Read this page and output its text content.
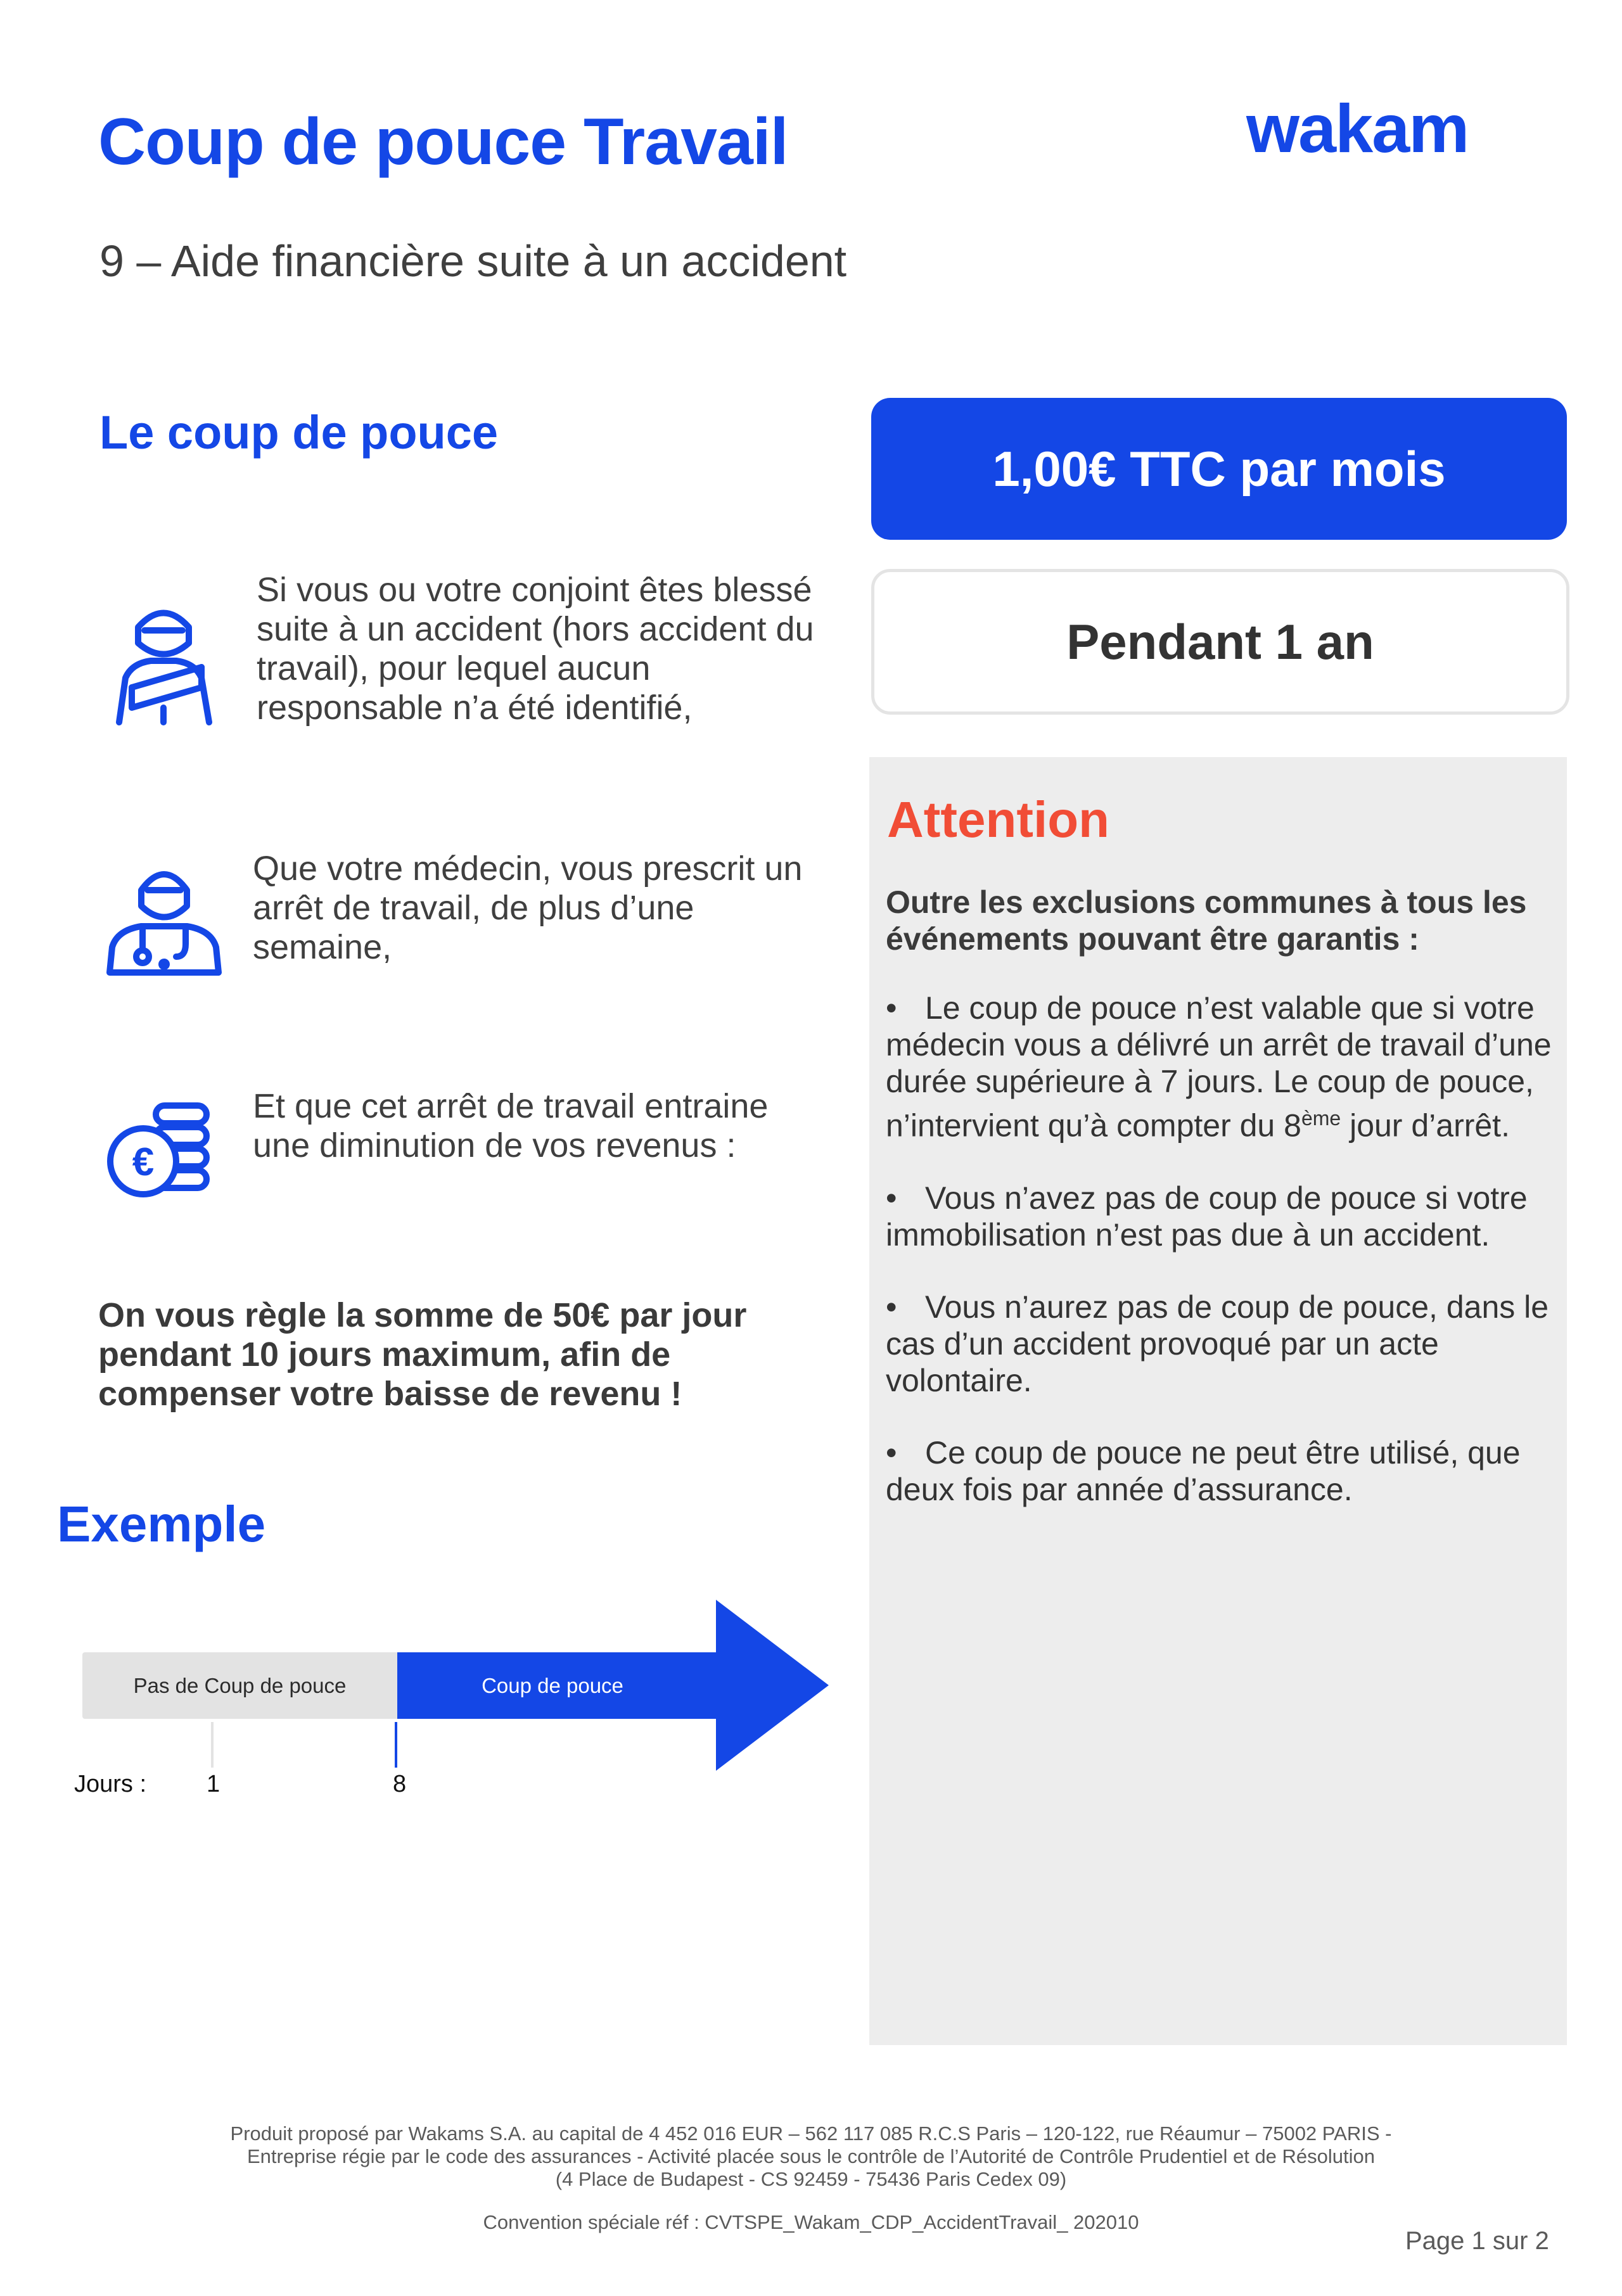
Coup de pouce Travail
9 – Aide financière suite à un accident
wakam
Le coup de pouce
Si vous ou votre conjoint êtes blessé suite à un accident (hors accident du travail), pour lequel aucun responsable n’a été identifié,
Que votre médecin, vous prescrit un arrêt de travail, de plus d’une semaine,
€
Et que cet arrêt de travail entraine une diminution de vos revenus :
On vous règle la somme de 50€ par jour pendant 10 jours maximum, afin de compenser votre baisse de revenu !
Exemple
Pas de Coup de pouce	Coup de pouce
Jours : 1	8
1,00€ TTC par mois
Pendant 1 an
Attention
Outre les exclusions communes à tous les événements pouvant être garantis :
• Le coup de pouce n’est valable que si votre médecin vous a délivré un arrêt de travail d’une durée supérieure à 7 jours. Le coup de pouce, n’intervient qu’à compter du 8ème jour d’arrêt.
• Vous n’avez pas de coup de pouce si votre immobilisation n’est pas due à un accident.
• Vous n’aurez pas de coup de pouce, dans le cas d’un accident provoqué par un acte volontaire.
• Ce coup de pouce ne peut être utilisé, que deux fois par année d’assurance.
Produit proposé par Wakams S.A. au capital de 4 452 016 EUR – 562 117 085 R.C.S Paris – 120-122, rue Réaumur – 75002 PARIS -
Entreprise régie par le code des assurances - Activité placée sous le contrôle de l’Autorité de Contrôle Prudentiel et de Résolution
(4 Place de Budapest - CS 92459 - 75436 Paris Cedex 09)
Convention spéciale réf : CVTSPE_Wakam_CDP_AccidentTravail_ 202010
Page 1 sur 2
